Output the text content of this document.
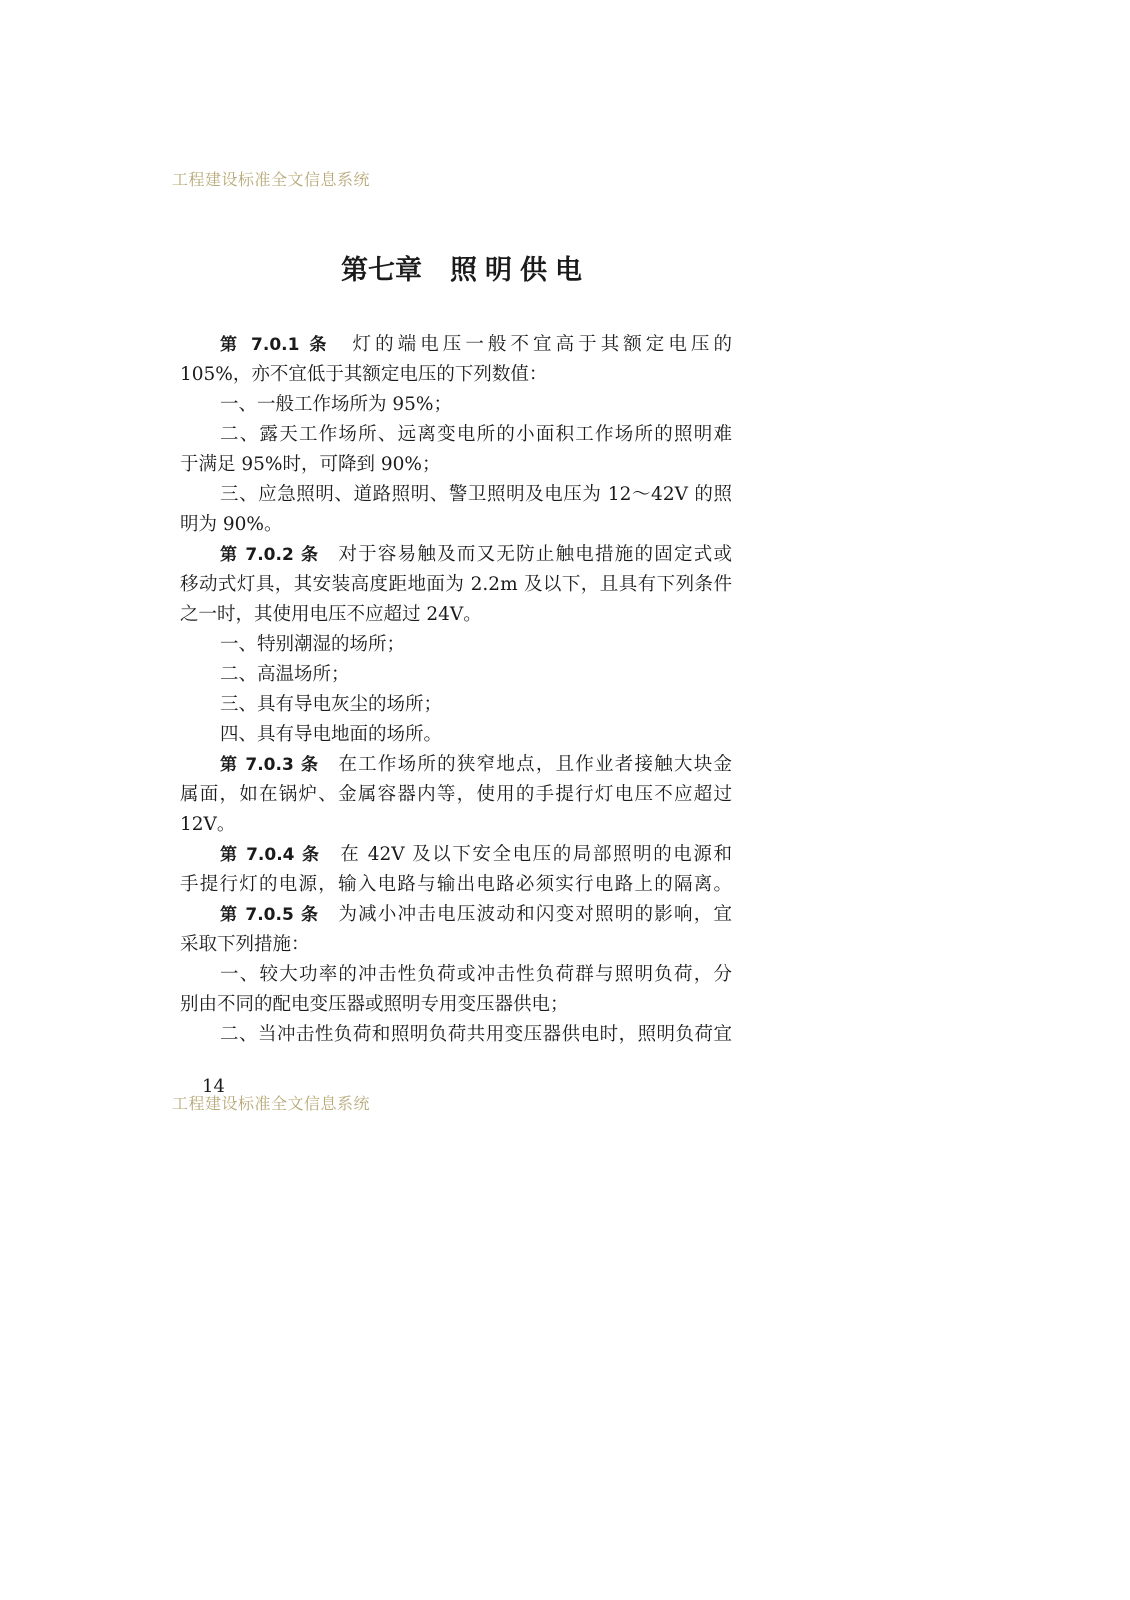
工程建设标准全文信息系统
第七章 照明供电
第 7.0.1 条 灯的端电压一般不宜高于其额定电压的
105%，亦不宜低于其额定电压的下列数值：
一、一般工作场所为 95%；
二、露天工作场所、远离变电所的小面积工作场所的照明难
于满足 95%时，可降到 90%；
三、应急照明、道路照明、警卫照明及电压为 12～42V 的照
明为 90%。
第 7.0.2 条 对于容易触及而又无防止触电措施的固定式或
移动式灯具，其安装高度距地面为 2.2m 及以下，且具有下列条件
之一时，其使用电压不应超过 24V。
一、特别潮湿的场所；
二、高温场所；
三、具有导电灰尘的场所；
四、具有导电地面的场所。
第 7.0.3 条 在工作场所的狭窄地点，且作业者接触大块金
属面，如在锅炉、金属容器内等，使用的手提行灯电压不应超过
12V。
第 7.0.4 条 在 42V 及以下安全电压的局部照明的电源和
手提行灯的电源，输入电路与输出电路必须实行电路上的隔离。
第 7.0.5 条 为减小冲击电压波动和闪变对照明的影响，宜
采取下列措施：
一、较大功率的冲击性负荷或冲击性负荷群与照明负荷，分
别由不同的配电变压器或照明专用变压器供电；
二、当冲击性负荷和照明负荷共用变压器供电时，照明负荷宜
14
工程建设标准全文信息系统
